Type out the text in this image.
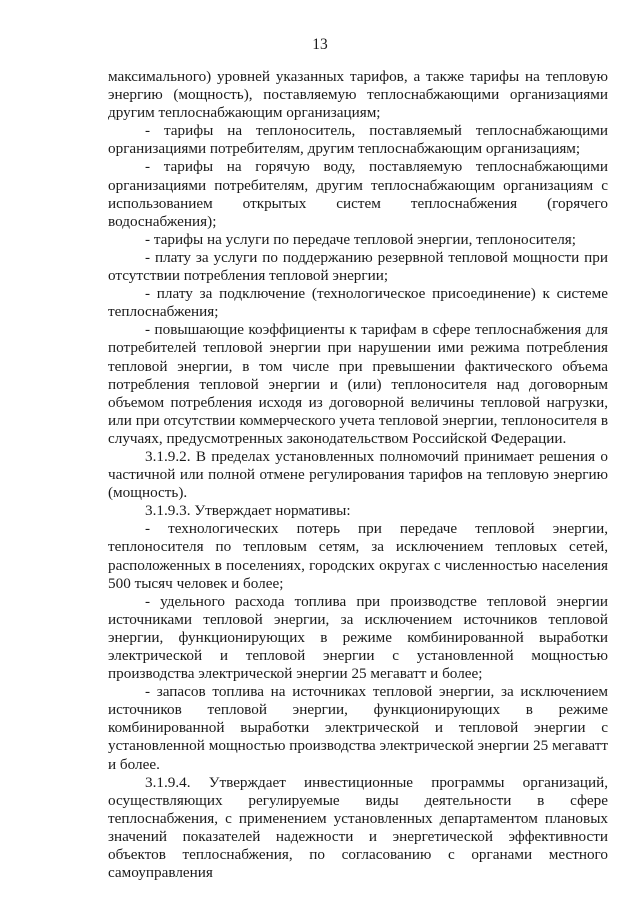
13

максимального) уровней указанных тарифов, а также тарифы на тепловую энергию (мощность), поставляемую теплоснабжающими организациями другим теплоснабжающим организациям;

- тарифы на теплоноситель, поставляемый теплоснабжающими организациями потребителям, другим теплоснабжающим организациям;

- тарифы на горячую воду, поставляемую теплоснабжающими организациями потребителям, другим теплоснабжающим организациям с использованием открытых систем теплоснабжения (горячего водоснабжения);

- тарифы на услуги по передаче тепловой энергии, теплоносителя;

- плату за услуги по поддержанию резервной тепловой мощности при отсутствии потребления тепловой энергии;

- плату за подключение (технологическое присоединение) к системе теплоснабжения;

- повышающие коэффициенты к тарифам в сфере теплоснабжения для потребителей тепловой энергии при нарушении ими режима потребления тепловой энергии, в том числе при превышении фактического объема потребления тепловой энергии и (или) теплоносителя над договорным объемом потребления исходя из договорной величины тепловой нагрузки, или при отсутствии коммерческого учета тепловой энергии, теплоносителя в случаях, предусмотренных законодательством Российской Федерации.

3.1.9.2. В пределах установленных полномочий принимает решения о частичной или полной отмене регулирования тарифов на тепловую энергию (мощность).

3.1.9.3. Утверждает нормативы:

- технологических потерь при передаче тепловой энергии, теплоносителя по тепловым сетям, за исключением тепловых сетей, расположенных в поселениях, городских округах с численностью населения 500 тысяч человек и более;

- удельного расхода топлива при производстве тепловой энергии источниками тепловой энергии, за исключением источников тепловой энергии, функционирующих в режиме комбинированной выработки электрической и тепловой энергии с установленной мощностью производства электрической энергии 25 мегаватт и более;

- запасов топлива на источниках тепловой энергии, за исключением источников тепловой энергии, функционирующих в режиме комбинированной выработки электрической и тепловой энергии с установленной мощностью производства электрической энергии 25 мегаватт и более.

3.1.9.4. Утверждает инвестиционные программы организаций, осуществляющих регулируемые виды деятельности в сфере теплоснабжения, с применением установленных департаментом плановых значений показателей надежности и энергетической эффективности объектов теплоснабжения, по согласованию с органами местного самоуправления
